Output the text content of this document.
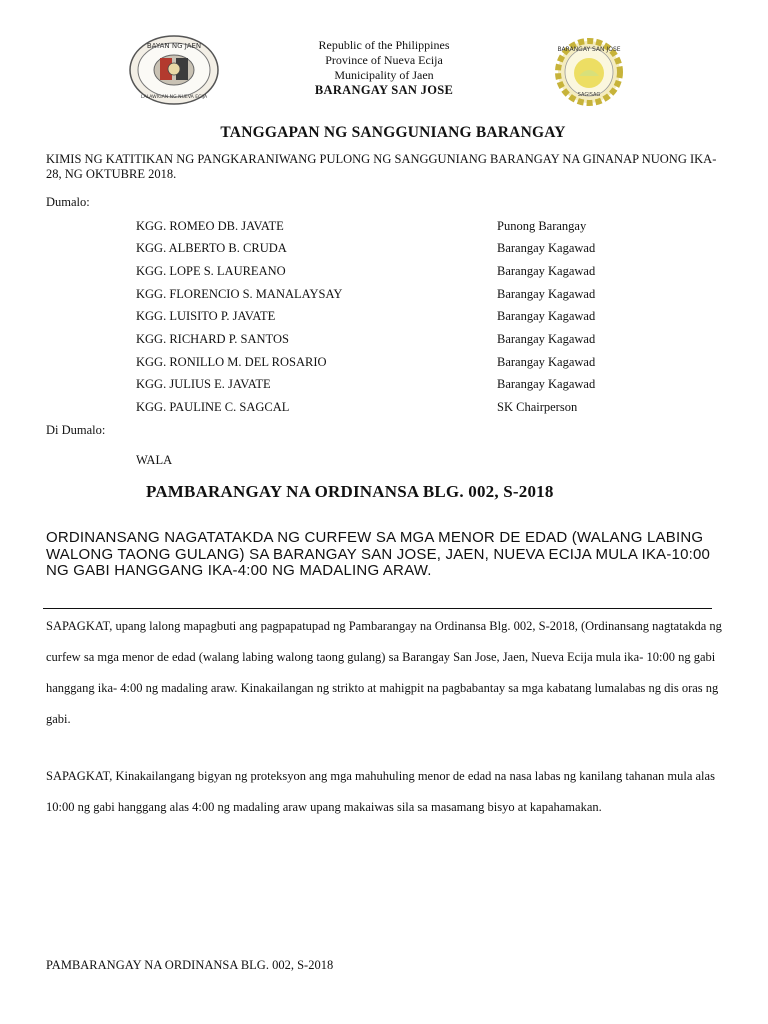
BAYAN NG JAEN
LALAWIGAN NG NUEVA ECIJA
BARANGAY SAN JOSE
SAGISAG
Republic of the Philippines
Province of Nueva Ecija
Municipality of Jaen
BARANGAY SAN JOSE
TANGGAPAN NG SANGGUNIANG BARANGAY
KIMIS NG KATITIKAN NG PANGKARANIWANG PULONG NG SANGGUNIANG BARANGAY NA GINANAP NUONG IKA-28, NG OKTUBRE 2018.
Dumalo:
KGG. ROMEO DB. JAVATE	Punong Barangay
KGG. ALBERTO B. CRUDA	Barangay Kagawad
KGG. LOPE S. LAUREANO	Barangay Kagawad
KGG. FLORENCIO S. MANALAYSAY	Barangay Kagawad
KGG. LUISITO P. JAVATE	Barangay Kagawad
KGG. RICHARD P. SANTOS	Barangay Kagawad
KGG. RONILLO M. DEL ROSARIO	Barangay Kagawad
KGG. JULIUS E. JAVATE	Barangay Kagawad
KGG. PAULINE C. SAGCAL	SK Chairperson
Di Dumalo:
WALA
PAMBARANGAY NA ORDINANSA BLG. 002, S-2018
ORDINANSANG NAGATATAKDA NG CURFEW SA MGA MENOR DE EDAD (WALANG LABING WALONG TAONG GULANG) SA BARANGAY SAN JOSE, JAEN, NUEVA ECIJA MULA IKA-10:00 NG GABI HANGGANG IKA-4:00 NG MADALING ARAW.
SAPAGKAT, upang lalong mapagbuti ang pagpapatupad ng Pambarangay na Ordinansa Blg. 002, S-2018, (Ordinansang nagtatakda ng curfew sa mga menor de edad (walang labing walong taong gulang) sa Barangay San Jose, Jaen, Nueva Ecija mula ika- 10:00 ng gabi hanggang ika- 4:00 ng madaling araw. Kinakailangan ng strikto at mahigpit na pagbabantay sa mga kabatang lumalabas ng dis oras ng gabi.
SAPAGKAT, Kinakailangang bigyan ng proteksyon ang mga mahuhuling menor de edad na nasa labas ng kanilang tahanan mula alas 10:00 ng gabi hanggang alas 4:00 ng madaling araw upang makaiwas sila sa masamang bisyo at kapahamakan.
PAMBARANGAY NA ORDINANSA BLG. 002, S-2018
